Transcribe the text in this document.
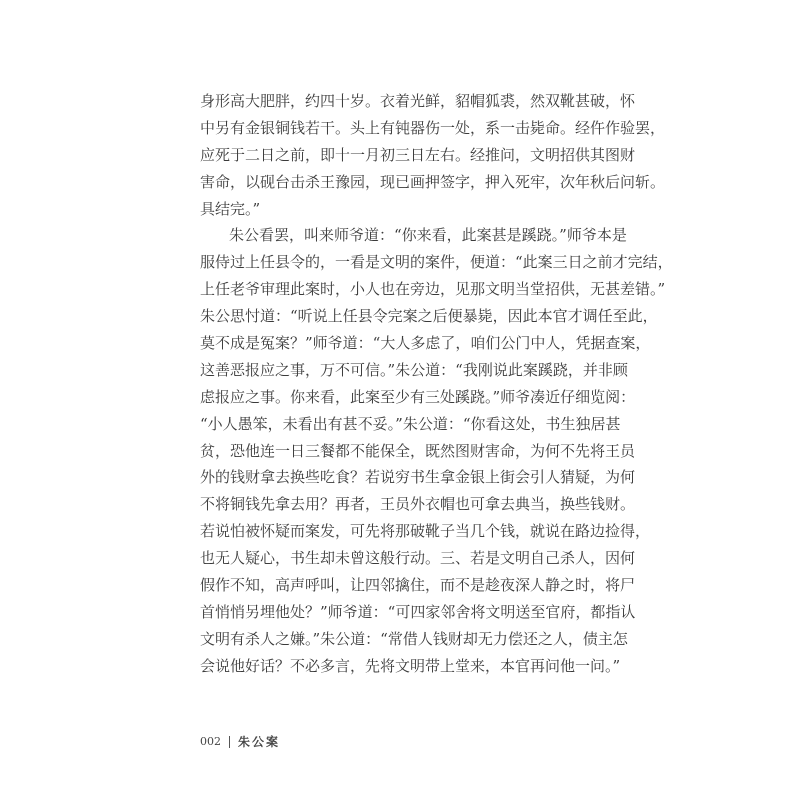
身形高大肥胖，约四十岁。衣着光鲜，貂帽狐裘，然双靴甚破，怀
中另有金银铜钱若干。头上有钝器伤一处，系一击毙命。经仵作验罢，
应死于二日之前，即十一月初三日左右。经推问，文明招供其图财
害命，以砚台击杀王豫园，现已画押签字，押入死牢，次年秋后问斩。
具结完。”
朱公看罢，叫来师爷道：“你来看，此案甚是蹊跷。”师爷本是
服侍过上任县令的，一看是文明的案件，便道：“此案三日之前才完结，
上任老爷审理此案时，小人也在旁边，见那文明当堂招供，无甚差错。”
朱公思忖道：“听说上任县令完案之后便暴毙，因此本官才调任至此，
莫不成是冤案？”师爷道：“大人多虑了，咱们公门中人，凭据查案，
这善恶报应之事，万不可信。”朱公道：“我刚说此案蹊跷，并非顾
虑报应之事。你来看，此案至少有三处蹊跷。”师爷凑近仔细览阅：
“小人愚笨，未看出有甚不妥。”朱公道：“你看这处，书生独居甚
贫，恐他连一日三餐都不能保全，既然图财害命，为何不先将王员
外的钱财拿去换些吃食？若说穷书生拿金银上街会引人猜疑，为何
不将铜钱先拿去用？再者，王员外衣帽也可拿去典当，换些钱财。
若说怕被怀疑而案发，可先将那破靴子当几个钱，就说在路边捡得，
也无人疑心，书生却未曾这般行动。三、若是文明自己杀人，因何
假作不知，高声呼叫，让四邻擒住，而不是趁夜深人静之时，将尸
首悄悄另埋他处？”师爷道：“可四家邻舍将文明送至官府，都指认
文明有杀人之嫌。”朱公道：“常借人钱财却无力偿还之人，债主怎
会说他好话？不必多言，先将文明带上堂来，本官再问他一问。”
002 朱公案
